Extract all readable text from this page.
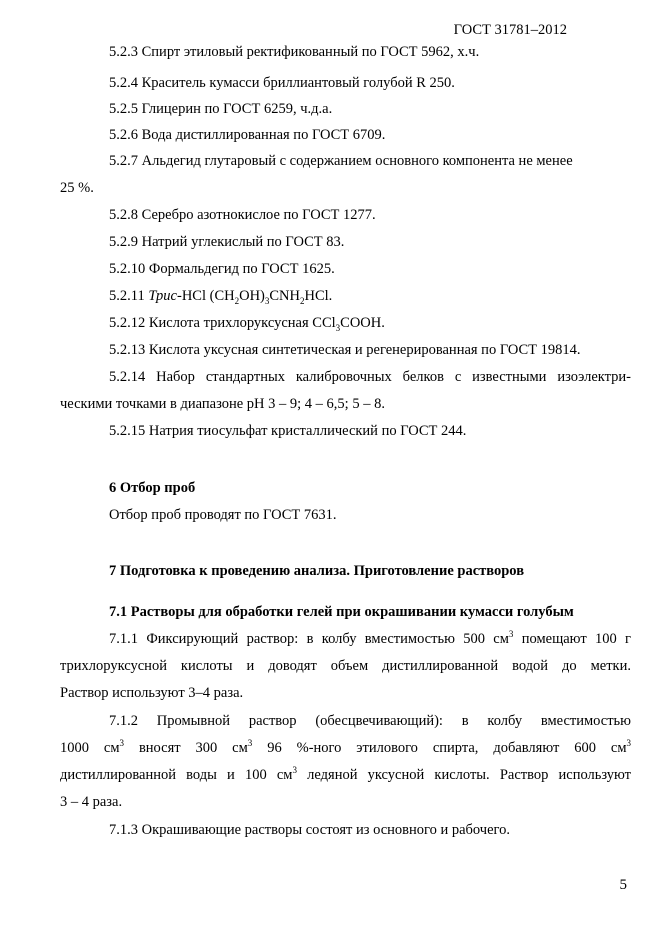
ГОСТ 31781–2012
5.2.3 Спирт этиловый ректификованный по ГОСТ 5962, х.ч.
5.2.4 Краситель кумасси бриллиантовый голубой R 250.
5.2.5 Глицерин по ГОСТ 6259, ч.д.а.
5.2.6 Вода дистиллированная по ГОСТ 6709.
5.2.7 Альдегид глутаровый с содержанием основного компонента не менее
25 %.
5.2.8 Серебро азотнокислое по ГОСТ 1277.
5.2.9 Натрий углекислый по ГОСТ 83.
5.2.10 Формальдегид по ГОСТ 1625.
5.2.11 Трис-HCl $(CH_2OH)_3CNH_2HCl$.
5.2.12 Кислота трихлоруксусная CCl$_3$COOH.
5.2.13 Кислота уксусная синтетическая и регенерированная по ГОСТ 19814.
5.2.14 Набор стандартных калибровочных белков с известными изоэлектри-
ческими точками в диапазоне pH 3 – 9; 4 – 6,5; 5 – 8.
5.2.15 Натрия тиосульфат кристаллический по ГОСТ 244.
6 Отбор проб
Отбор проб проводят по ГОСТ 7631.
7 Подготовка к проведению анализа. Приготовление растворов
7.1 Растворы для обработки гелей при окрашивании кумасси голубым
7.1.1 Фиксирующий раствор: в колбу вместимостью 500 $см^3$ помещают 100 г
трихлоруксусной кислоты и доводят объем дистиллированной водой до метки.
Раствор используют 3–4 раза.
7.1.2 Промывной раствор (обесцвечивающий): в колбу вместимостью
1000 $см^3$ вносят 300 $см^3$ 96 %-ного этилового спирта, добавляют 600 $см^3$
дистиллированной воды и 100 $см^3$ ледяной уксусной кислоты. Раствор используют
3 – 4 раза.
7.1.3 Окрашивающие растворы состоят из основного и рабочего.
5
